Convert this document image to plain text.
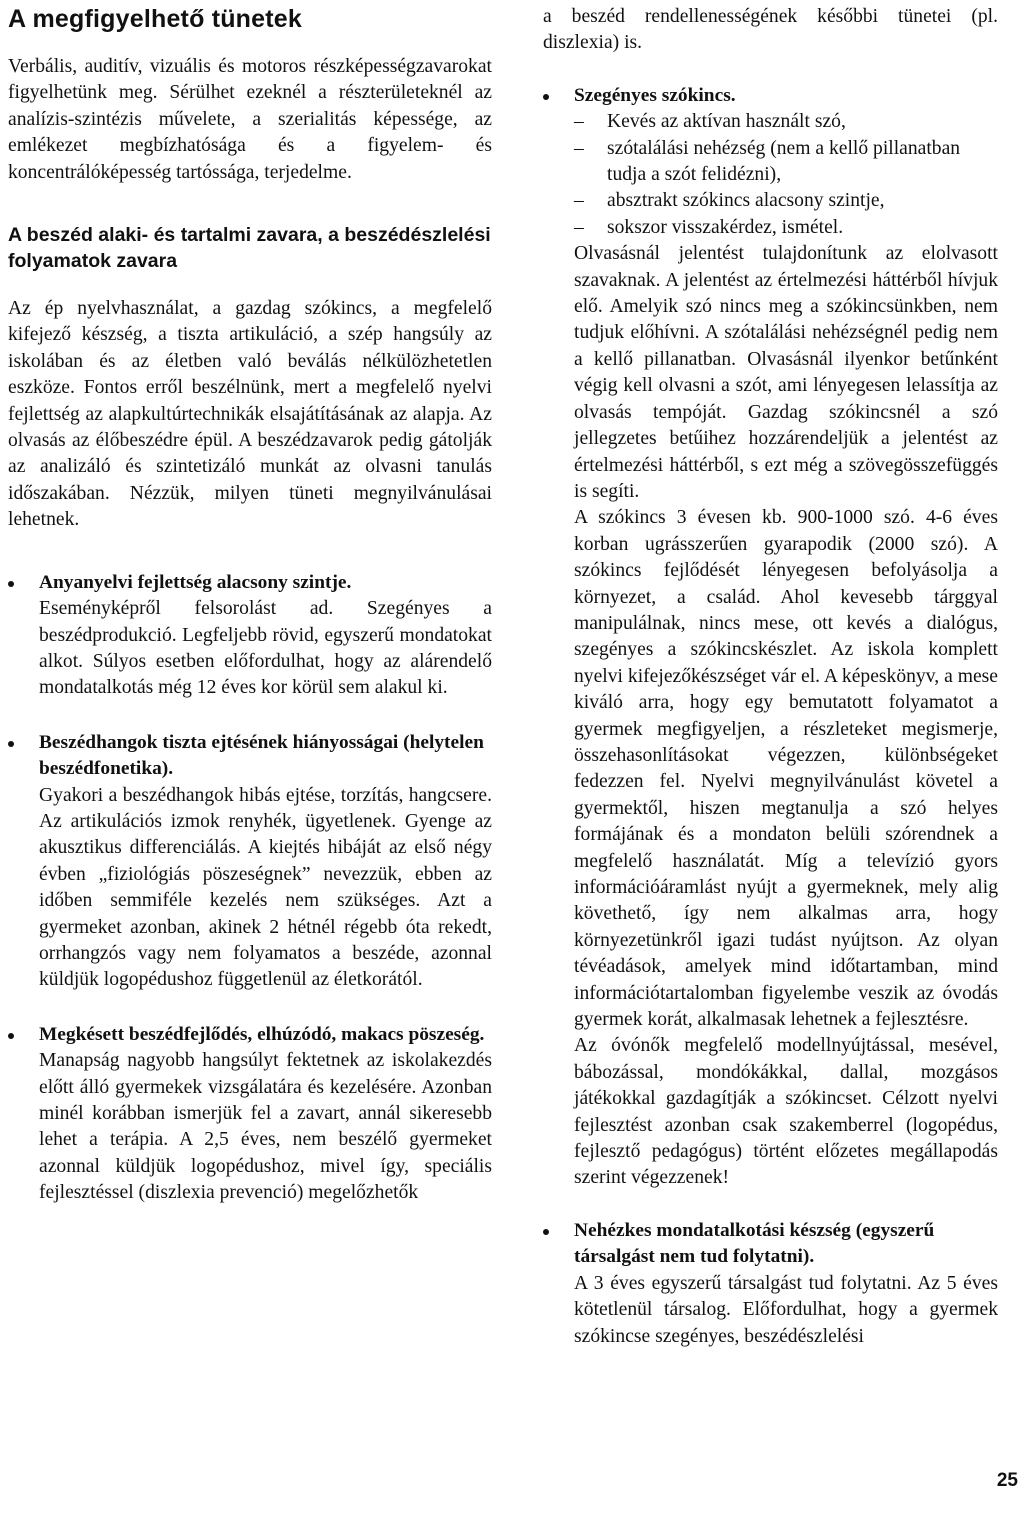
A megfigyelhető tünetek

Verbális, auditív, vizuális és motoros részképességzavarokat figyelhetünk meg. Sérülhet ezeknél a részterületeknél az analízis-szintézis művelete, a szerialitás képessége, az emlékezet megbízhatósága és a figyelem- és koncentrálóképesség tartóssága, terjedelme.

A beszéd alaki- és tartalmi zavara, a beszédészlelési folyamatok zavara

Az ép nyelvhasználat, a gazdag szókincs, a megfelelő kifejező készség, a tiszta artikuláció, a szép hangsúly az iskolában és az életben való beválás nélkülözhetetlen eszköze. Fontos erről beszélnünk, mert a megfelelő nyelvi fejlettség az alapkultúrtechnikák elsajátításának az alapja. Az olvasás az élőbeszédre épül. A beszédzavarok pedig gátolják az analizáló és szintetizáló munkát az olvasni tanulás időszakában. Nézzük, milyen tüneti megnyilvánulásai lehetnek.

Anyanyelvi fejlettség alacsony szintje.

Eseményképről felsorolást ad. Szegényes a beszédprodukció. Legfeljebb rövid, egyszerű mondatokat alkot. Súlyos esetben előfordulhat, hogy az alárendelő mondatalkotás még 12 éves kor körül sem alakul ki.

Beszédhangok tiszta ejtésének hiányosságai (helytelen beszédfonetika).

Gyakori a beszédhangok hibás ejtése, torzítás, hangcsere. Az artikulációs izmok renyhék, ügyetlenek. Gyenge az akusztikus differenciálás. A kiejtés hibáját az első négy évben „fiziológiás pöszeségnek” nevezzük, ebben az időben semmiféle kezelés nem szükséges. Azt a gyermeket azonban, akinek 2 hétnél régebb óta rekedt, orrhangzós vagy nem folyamatos a beszéde, azonnal küldjük logopédushoz függetlenül az életkorától.

Megkésett beszédfejlődés, elhúzódó, makacs pöszeség.

Manapság nagyobb hangsúlyt fektetnek az iskolakezdés előtt álló gyermekek vizsgálatára és kezelésére. Azonban minél korábban ismerjük fel a zavart, annál sikeresebb lehet a terápia. A 2,5 éves, nem beszélő gyermeket azonnal küldjük logopédushoz, mivel így, speciális fejlesztéssel (diszlexia prevenció) megelőzhetők

a beszéd rendellenességének későbbi tünetei (pl. diszlexia) is.

Szegényes szókincs.
– Kevés az aktívan használt szó,
– szótalálási nehézség (nem a kellő pillanatban tudja a szót felidézni),
– absztrakt szókincs alacsony szintje,
– sokszor visszakérdez, ismétel.

Olvasásnál jelentést tulajdonítunk az elolvasott szavaknak. A jelentést az értelmezési háttérből hívjuk elő. Amelyik szó nincs meg a szókincsünkben, nem tudjuk előhívni. A szótalálási nehézségnél pedig nem a kellő pillanatban. Olvasásnál ilyenkor betűnként végig kell olvasni a szót, ami lényegesen lelassítja az olvasás tempóját. Gazdag szókincsnél a szó jellegzetes betűihez hozzárendeljük a jelentést az értelmezési háttérből, s ezt még a szövegösszefüggés is segíti.

A szókincs 3 évesen kb. 900-1000 szó. 4-6 éves korban ugrásszerűen gyarapodik (2000 szó). A szókincs fejlődését lényegesen befolyásolja a környezet, a család. Ahol kevesebb tárggyal manipulálnak, nincs mese, ott kevés a dialógus, szegényes a szókincskészlet. Az iskola komplett nyelvi kifejezőkészséget vár el. A képeskönyv, a mese kiváló arra, hogy egy bemutatott folyamatot a gyermek megfigyeljen, a részleteket megismerje, összehasonlításokat végezzen, különbségeket fedezzen fel. Nyelvi megnyilvánulást követel a gyermektől, hiszen megtanulja a szó helyes formájának és a mondaton belüli szórendnek a megfelelő használatát. Míg a televízió gyors információáramlást nyújt a gyermeknek, mely alig követhető, így nem alkalmas arra, hogy környezetünkről igazi tudást nyújtson. Az olyan tévéadások, amelyek mind időtartamban, mind információtartalomban figyelembe veszik az óvodás gyermek korát, alkalmasak lehetnek a fejlesztésre.

Az óvónők megfelelő modellnyújtással, mesével, bábozással, mondókákkal, dallal, mozgásos játékokkal gazdagítják a szókincset. Célzott nyelvi fejlesztést azonban csak szakemberrel (logopédus, fejlesztő pedagógus) történt előzetes megállapodás szerint végezzenek!

Nehézkes mondatalkotási készség (egyszerű társalgást nem tud folytatni).

A 3 éves egyszerű társalgást tud folytatni. Az 5 éves kötetlenül társalog. Előfordulhat, hogy a gyermek szókincse szegényes, beszédészlelési

25
